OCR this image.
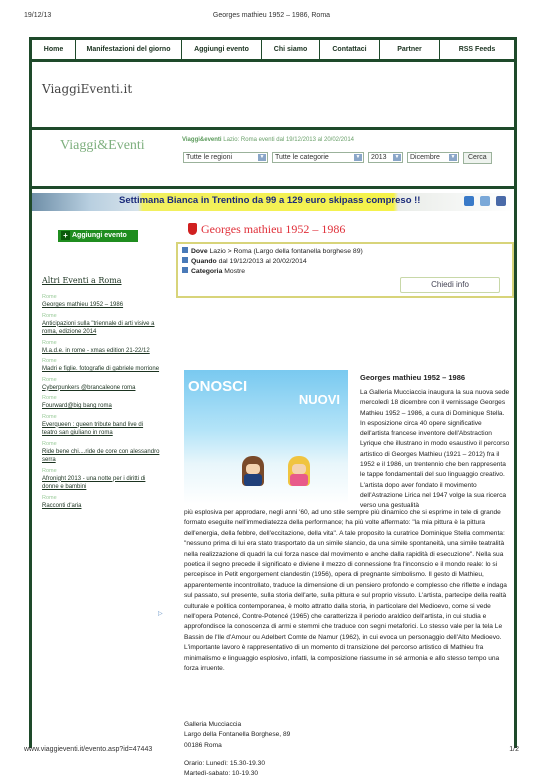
19/12/13	Georges mathieu 1952 – 1986, Roma
Home	Manifestazioni del giorno	Aggiungi evento	Chi siamo	Contattaci	Partner	RSS Feeds
ViaggiEventi.it
Viaggi&Eventi	Viaggi&eventi Lazio: Roma eventi dal 19/12/2013 al 20/02/2014
Tutte le regioni	▼	Tutte le categorie	▼	2013	▼	Dicembre	▼	Cerca
Settimana Bianca in Trentino da 99 a 129 euro skipass compreso !!
+ Aggiungi evento
Altri Eventi a Roma
Rome
Georges mathieu 1952 – 1986
Rome
Anticipazioni sulla "triennale di arti visive a roma, edizione 2014
Rome
M.a.d.e. in rome - xmas edition 21-22/12
Rome
Madri e figlie. fotografie di gabriele morrione
Rome
Cyberpunkers @brancaleone roma
Rome
Fourward@big bang roma
Rome
Everqueen : queen tribute band live di teatro san giuliano in roma
Rome
Ride bene chi....ride de core con alessandro serra
Rome
Afronight 2013 - una notte per i diritti di donne e bambini
Rome
Racconti d'aria
▷
Georges mathieu 1952 – 1986
Dove Lazio > Roma (Largo della fontanella borghese 89)
Quando dal 19/12/2013 al 20/02/2014
Categoria Mostre
Chiedi info
ONOSCI
NUOVI
Georges mathieu 1952 – 1986
La Galleria Mucciaccia inaugura la sua nuova sede mercoledì 18 dicembre con il vernissage Georges Mathieu 1952 – 1986, a cura di Dominique Stella. In esposizione circa 40 opere significative dell'artista francese inventore dell'Abstraction Lyrique che illustrano in modo esaustivo il percorso artistico di Georges Mathieu (1921 – 2012) fra il 1952 e il 1986, un trentennio che ben rappresenta le tappe fondamentali del suo linguaggio creativo. L'artista dopo aver fondato il movimento dell'Astrazione Lirica nel 1947 volge la sua ricerca verso una gestualità
più esplosiva per approdare, negli anni '60, ad uno stile sempre più dinamico che si esprime in tele di grande formato eseguite nell'immediatezza della performance; ha più volte affermato: "la mia pittura è la pittura dell'energia, della febbre, dell'eccitazione, della vita". A tale proposito la curatrice Dominique Stella commenta: "nessuno prima di lui era stato trasportato da un simile slancio, da una simile spontaneità, una simile teatralità nella realizzazione di quadri la cui forza nasce dal movimento e anche dalla rapidità di esecuzione". Nella sua poetica il segno precede il significato e diviene il mezzo di connessione fra l'inconscio e il mondo reale: lo si percepisce in Petit engorgement clandestin (1956), opera di pregnante simbolismo. Il gesto di Mathieu, apparentemente incontrollato, traduce la dimensione di un pensiero profondo e complesso che riflette e indaga sul passato, sul presente, sulla storia dell'arte, sulla pittura e sul proprio vissuto. L'artista, partecipe della realtà culturale e politica contemporanea, è molto attratto dalla storia, in particolare del Medioevo, come si vede nell'opera Potencé, Contre-Potencé (1965) che caratterizza il periodo araldico dell'artista, in cui studia e approfondisce la conoscenza di armi e stemmi che traduce con segni metaforici. Lo stesso vale per la tela Le Bassin de l'Ile d'Amour ou Adelbert Comte de Namur (1962), in cui evoca un personaggio dell'Alto Medioevo. L'importante lavoro è rappresentativo di un momento di transizione del percorso artistico di Mathieu fra minimalismo e linguaggio esplosivo, infatti, la composizione riassume in sé armonia e allo stesso tempo una forza irruente.
Galleria Mucciaccia
Largo della Fontanella Borghese, 89
00186 Roma
Orario: Lunedì: 15.30-19.30
Martedì-sabato: 10-19.30
www.viaggieventi.it/evento.asp?id=47443	1/2
